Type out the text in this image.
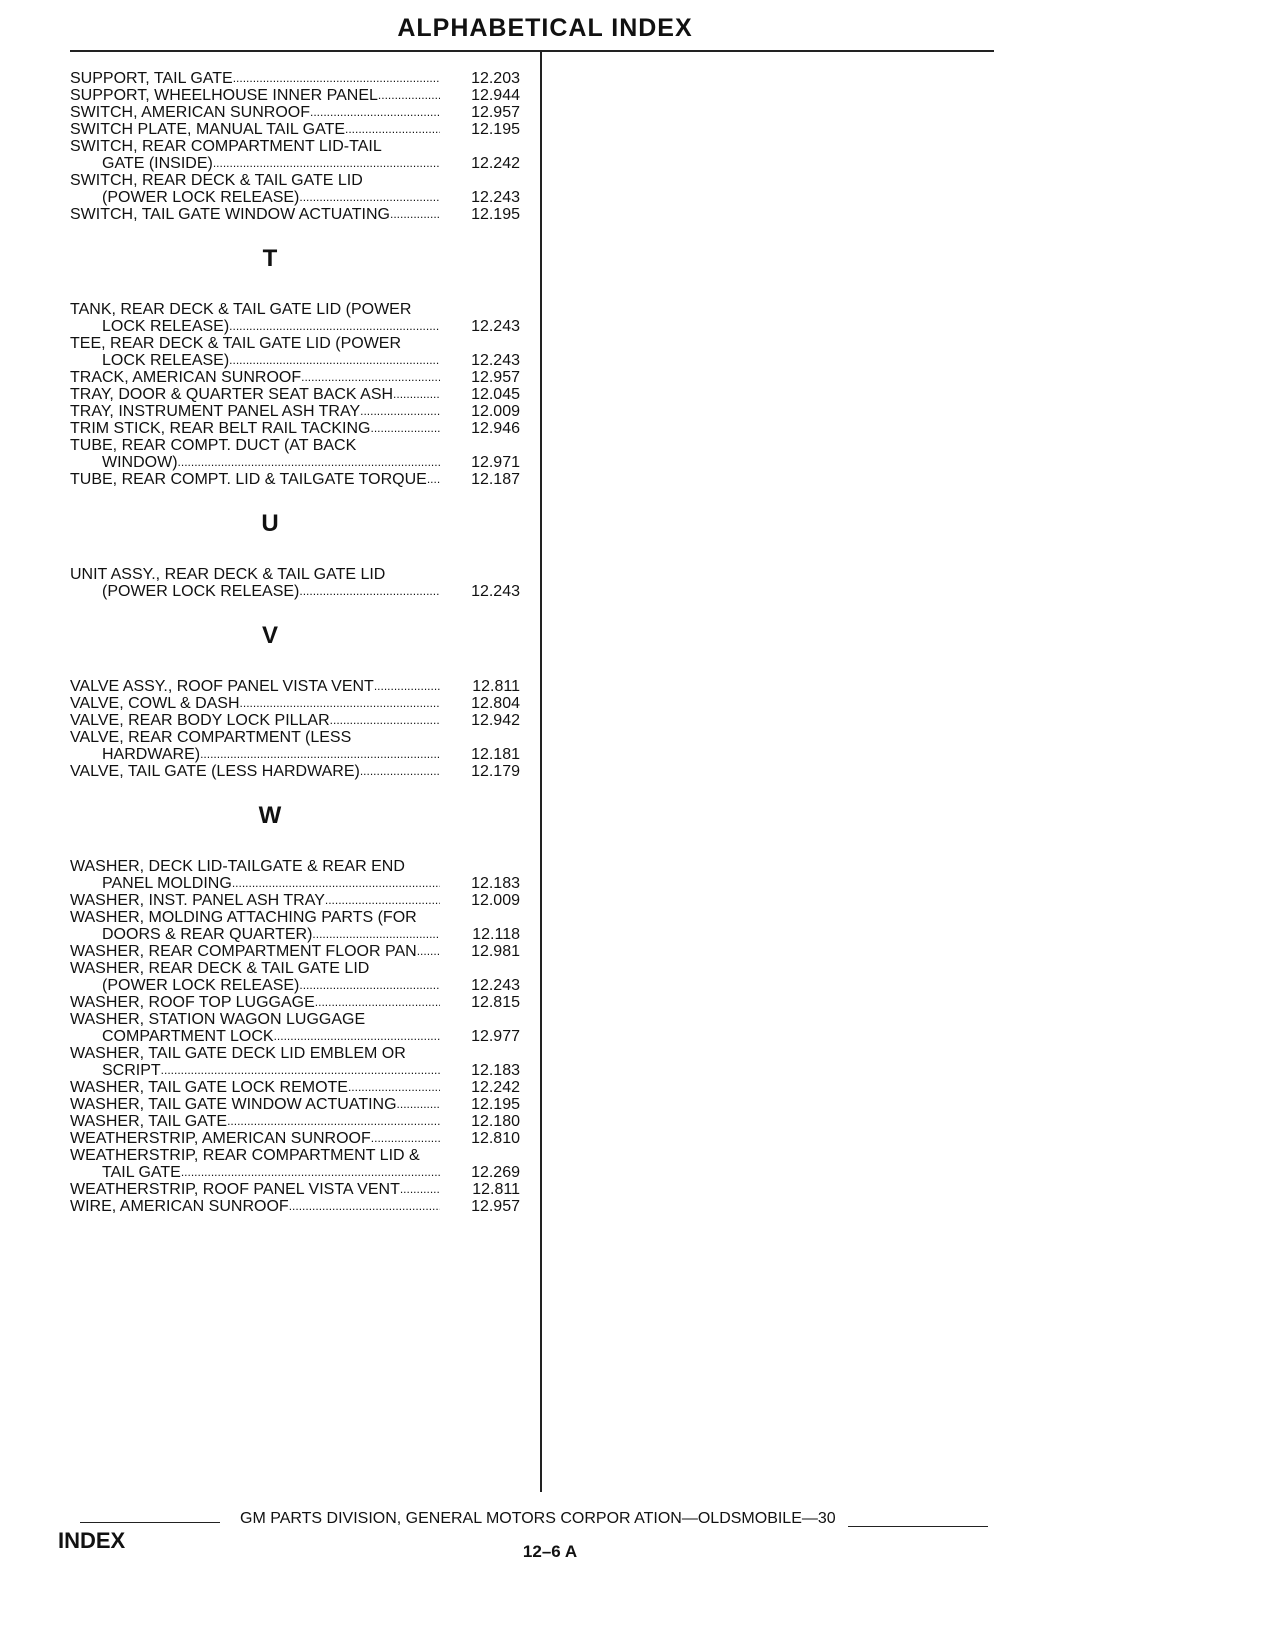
ALPHABETICAL INDEX
SUPPORT, TAIL GATE .....	12.203
SUPPORT, WHEELHOUSE INNER PANEL .....	12.944
SWITCH, AMERICAN SUNROOF .....	12.957
SWITCH PLATE, MANUAL TAIL GATE .....	12.195
SWITCH, REAR COMPARTMENT LID-TAIL
GATE (INSIDE) .....	12.242
SWITCH, REAR DECK & TAIL GATE LID
(POWER LOCK RELEASE) .....	12.243
SWITCH, TAIL GATE WINDOW ACTUATING .....	12.195
T
TANK, REAR DECK & TAIL GATE LID (POWER
LOCK RELEASE) .....	12.243
TEE, REAR DECK & TAIL GATE LID (POWER
LOCK RELEASE) .....	12.243
TRACK, AMERICAN SUNROOF .....	12.957
TRAY, DOOR & QUARTER SEAT BACK ASH .....	12.045
TRAY, INSTRUMENT PANEL ASH TRAY .....	12.009
TRIM STICK, REAR BELT RAIL TACKING .....	12.946
TUBE, REAR COMPT. DUCT (AT BACK
WINDOW) .....	12.971
TUBE, REAR COMPT. LID & TAILGATE TORQUE .....	12.187
U
UNIT ASSY., REAR DECK & TAIL GATE LID
(POWER LOCK RELEASE) .....	12.243
V
VALVE ASSY., ROOF PANEL VISTA VENT .....	12.811
VALVE, COWL & DASH .....	12.804
VALVE, REAR BODY LOCK PILLAR .....	12.942
VALVE, REAR COMPARTMENT (LESS
HARDWARE) .....	12.181
VALVE, TAIL GATE (LESS HARDWARE) .....	12.179
W
WASHER, DECK LID-TAILGATE & REAR END
PANEL MOLDING .....	12.183
WASHER, INST. PANEL ASH TRAY .....	12.009
WASHER, MOLDING ATTACHING PARTS (FOR
DOORS & REAR QUARTER) .....	12.118
WASHER, REAR COMPARTMENT FLOOR PAN .....	12.981
WASHER, REAR DECK & TAIL GATE LID
(POWER LOCK RELEASE) .....	12.243
WASHER, ROOF TOP LUGGAGE .....	12.815
WASHER, STATION WAGON LUGGAGE
COMPARTMENT LOCK .....	12.977
WASHER, TAIL GATE DECK LID EMBLEM OR
SCRIPT .....	12.183
WASHER, TAIL GATE LOCK REMOTE .....	12.242
WASHER, TAIL GATE WINDOW ACTUATING .....	12.195
WASHER, TAIL GATE .....	12.180
WEATHERSTRIP, AMERICAN SUNROOF .....	12.810
WEATHERSTRIP, REAR COMPARTMENT LID &
TAIL GATE .....	12.269
WEATHERSTRIP, ROOF PANEL VISTA VENT .....	12.811
WIRE, AMERICAN SUNROOF .....	12.957
GM PARTS DIVISION, GENERAL MOTORS CORPOR ATION—OLDSMOBILE—30
INDEX	12–6 A
